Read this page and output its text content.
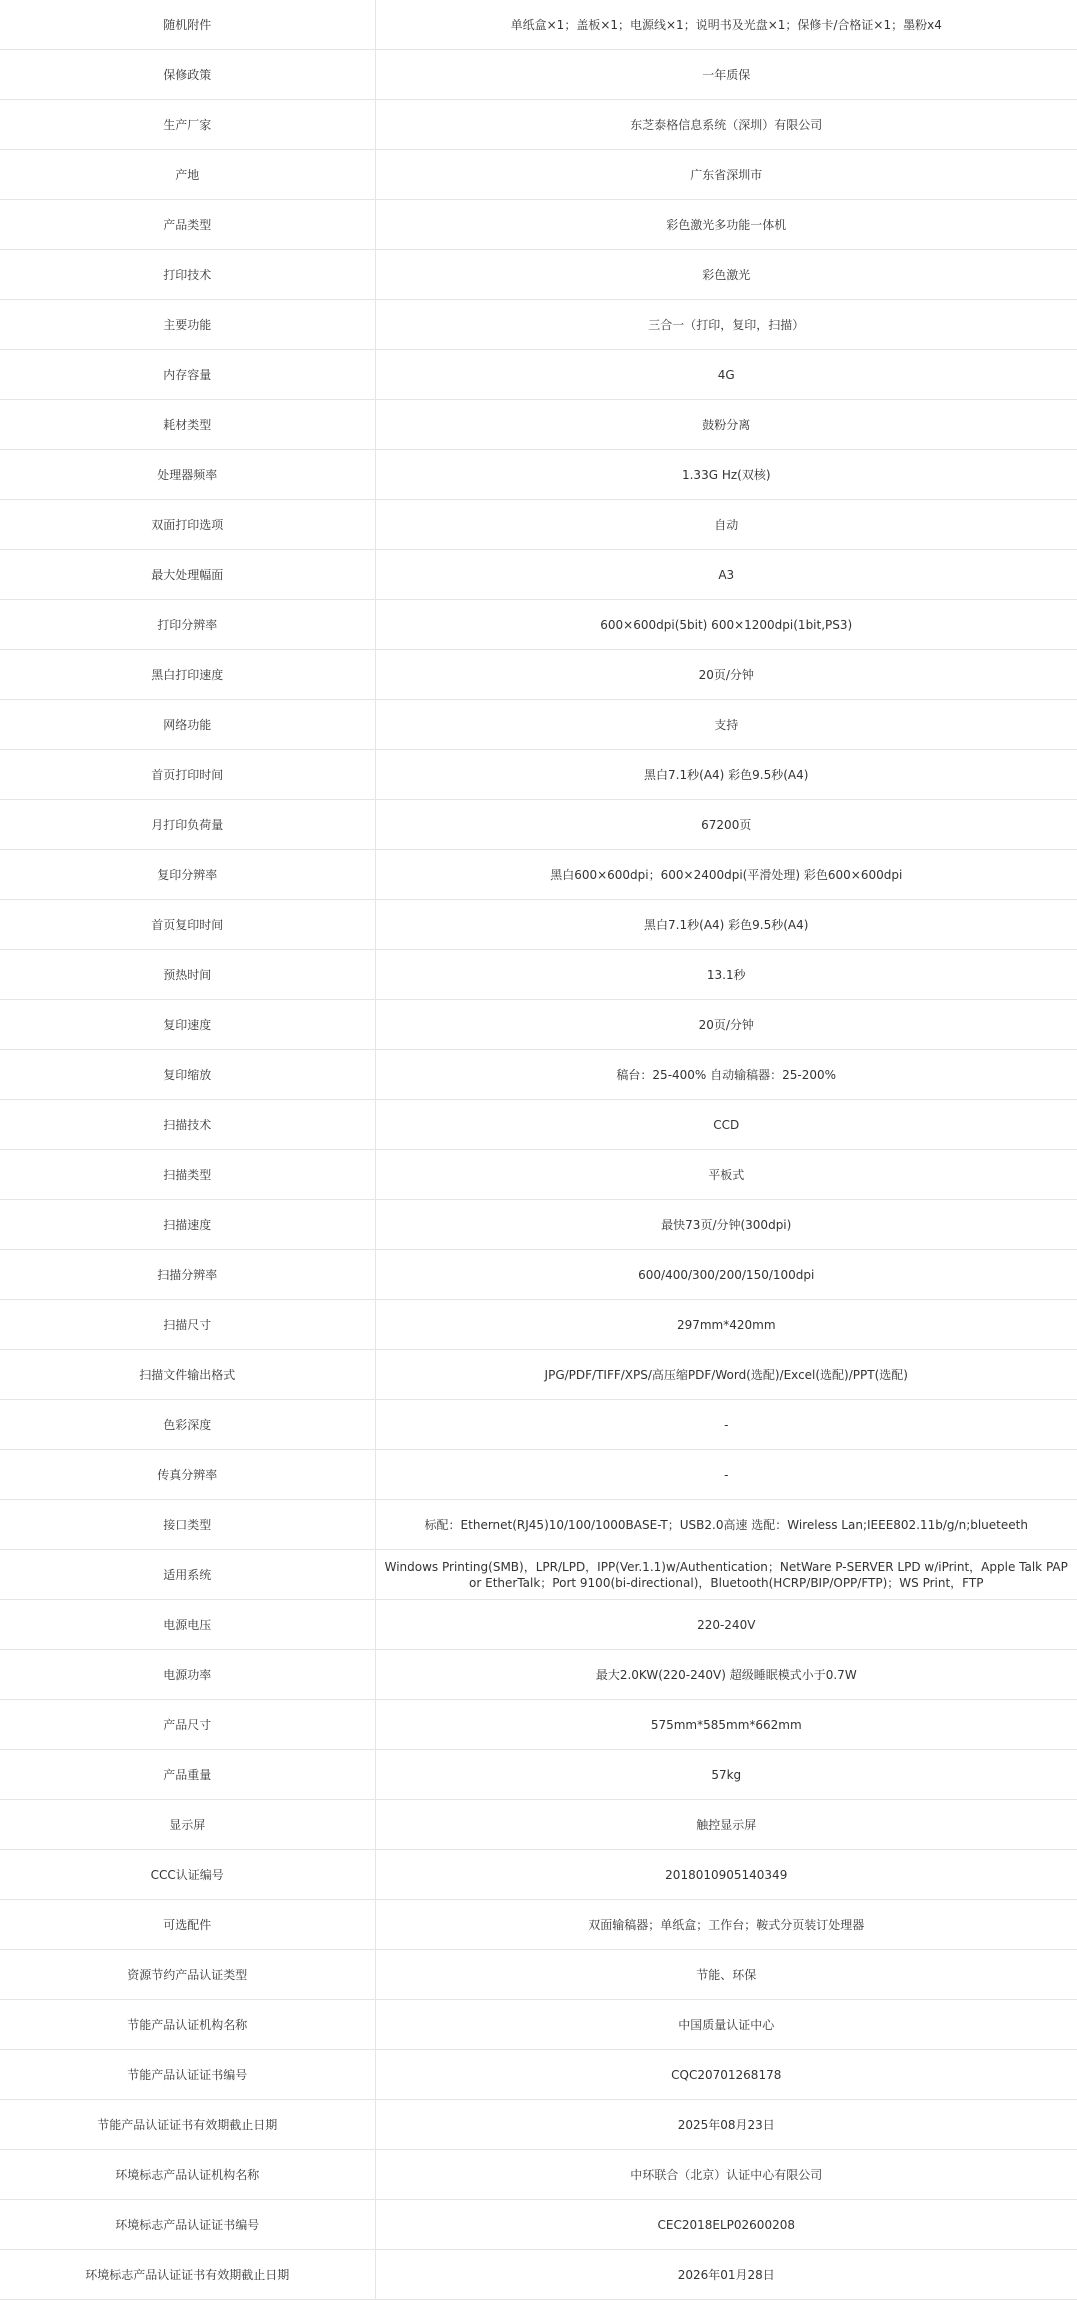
随机附件	单纸盒×1；盖板×1；电源线×1；说明书及光盘×1；保修卡/合格证×1；墨粉x4
保修政策	一年质保
生产厂家	东芝泰格信息系统（深圳）有限公司
产地	广东省深圳市
产品类型	彩色激光多功能一体机
打印技术	彩色激光
主要功能	三合一（打印，复印，扫描）
内存容量	4G
耗材类型	鼓粉分离
处理器频率	1.33G Hz(双核)
双面打印选项	自动
最大处理幅面	A3
打印分辨率	600×600dpi(5bit) 600×1200dpi(1bit,PS3)
黑白打印速度	20页/分钟
网络功能	支持
首页打印时间	黑白7.1秒(A4) 彩色9.5秒(A4)
月打印负荷量	67200页
复印分辨率	黑白600×600dpi；600×2400dpi(平滑处理) 彩色600×600dpi
首页复印时间	黑白7.1秒(A4) 彩色9.5秒(A4)
预热时间	13.1秒
复印速度	20页/分钟
复印缩放	稿台：25-400% 自动输稿器：25-200%
扫描技术	CCD
扫描类型	平板式
扫描速度	最快73页/分钟(300dpi)
扫描分辨率	600/400/300/200/150/100dpi
扫描尺寸	297mm*420mm
扫描文件输出格式	JPG/PDF/TIFF/XPS/高压缩PDF/Word(选配)/Excel(选配)/PPT(选配)
色彩深度	-
传真分辨率	-
接口类型	标配：Ethernet(RJ45)10/100/1000BASE-T；USB2.0高速 选配：Wireless Lan;IEEE802.11b/g/n;blueteeth
适用系统	Windows Printing(SMB)，LPR/LPD，IPP(Ver.1.1)w/Authentication；NetWare P-SERVER LPD w/iPrint，Apple Talk PAP or EtherTalk；Port 9100(bi-directional)，Bluetooth(HCRP/BIP/OPP/FTP)；WS Print，FTP
电源电压	220-240V
电源功率	最大2.0KW(220-240V) 超级睡眠模式小于0.7W
产品尺寸	575mm*585mm*662mm
产品重量	57kg
显示屏	触控显示屏
CCC认证编号	2018010905140349
可选配件	双面输稿器；单纸盒；工作台；鞍式分页装订处理器
资源节约产品认证类型	节能、环保
节能产品认证机构名称	中国质量认证中心
节能产品认证证书编号	CQC20701268178
节能产品认证证书有效期截止日期	2025年08月23日
环境标志产品认证机构名称	中环联合（北京）认证中心有限公司
环境标志产品认证证书编号	CEC2018ELP02600208
环境标志产品认证证书有效期截止日期	2026年01月28日
